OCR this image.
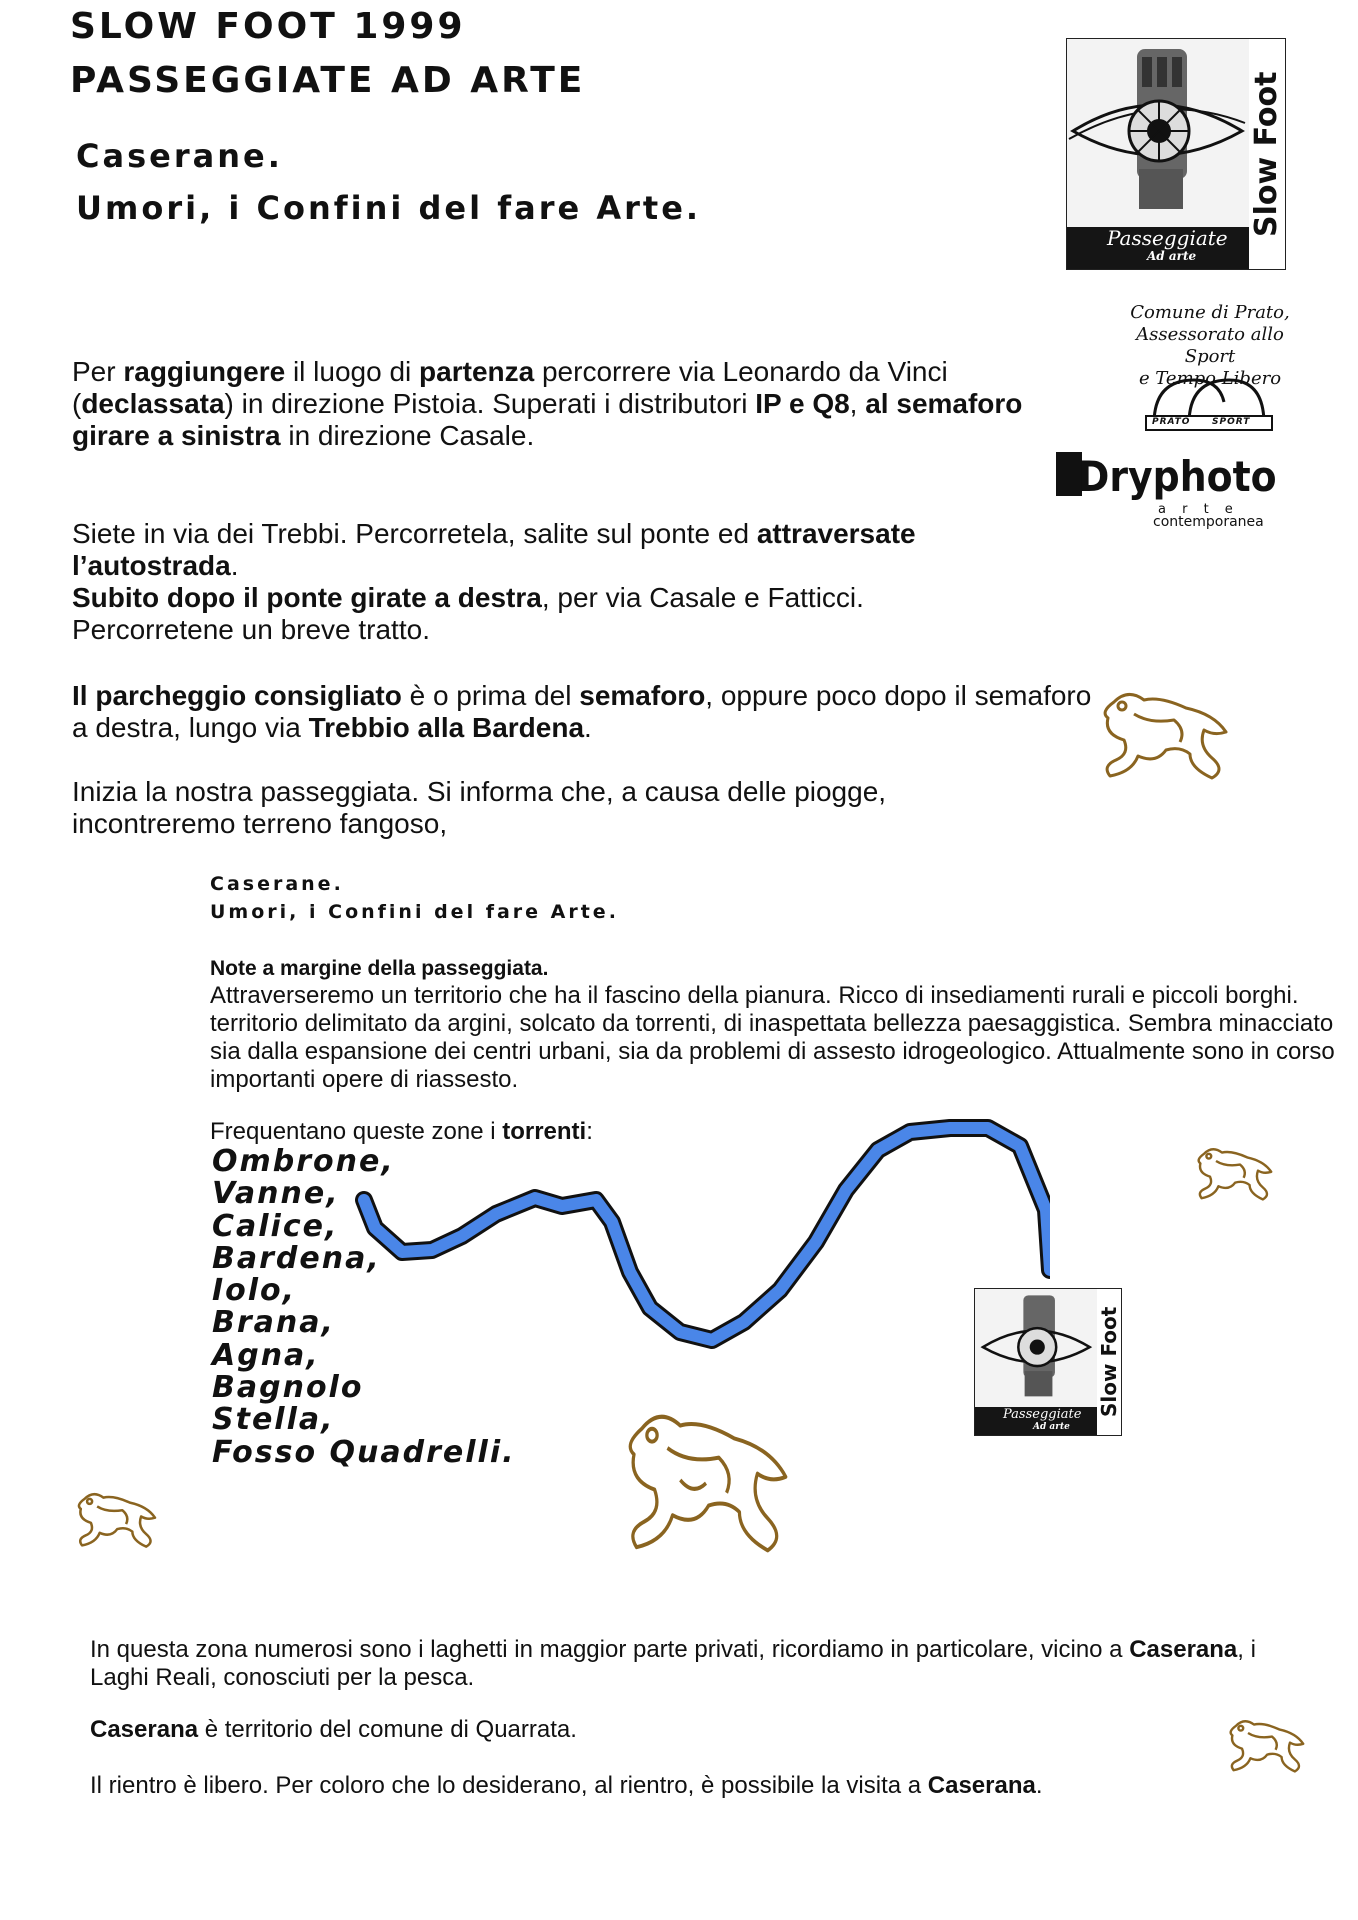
SLOW FOOT 1999
PASSEGGIATE AD ARTE
Caserane.
Umori, i Confini del fare Arte.	Slow Foot
Passeggiate
Ad arte
Comune di Prato,
Assessorato allo Sport
e Tempo Libero
PRATO SPORT
Dryphoto
a r t e
contemporanea
Per raggiungere il luogo di partenza percorrere via Leonardo da Vinci (declassata) in direzione Pistoia. Superati i distributori IP e Q8, al semaforo girare a sinistra in direzione Casale.
Siete in via dei Trebbi. Percorretela, salite sul ponte ed attraversate l’autostrada.
Subito dopo il ponte girate a destra, per via Casale e Fatticci.
Percorretene un breve tratto.
Il parcheggio consigliato è o prima del semaforo, oppure poco dopo il semaforo a destra, lungo via Trebbio alla Bardena.
Inizia la nostra passeggiata. Si informa che, a causa delle piogge, incontreremo terreno fangoso,
Caserane.
Umori, i Confini del fare Arte.
Note a margine della passeggiata.
Attraverseremo un territorio che ha il fascino della pianura. Ricco di insediamenti rurali e piccoli borghi. territorio delimitato da argini, solcato da torrenti, di inaspettata bellezza paesaggistica. Sembra minacciato sia dalla espansione dei centri urbani, sia da problemi di assesto idrogeologico. Attualmente sono in corso importanti opere di riassesto.
Frequentano queste zone i torrenti:
Ombrone,
Vanne,
Calice,
Bardena,
Iolo,
Brana,
Agna,
Bagnolo
Stella,
Fosso Quadrelli.
Slow Foot
Passeggiate
Ad arte
In questa zona numerosi sono i laghetti in maggior parte privati, ricordiamo in particolare, vicino a Caserana, i Laghi Reali, conosciuti per la pesca.
Caserana è territorio del comune di Quarrata.
Il rientro è libero. Per coloro che lo desiderano, al rientro, è possibile la visita a Caserana.
